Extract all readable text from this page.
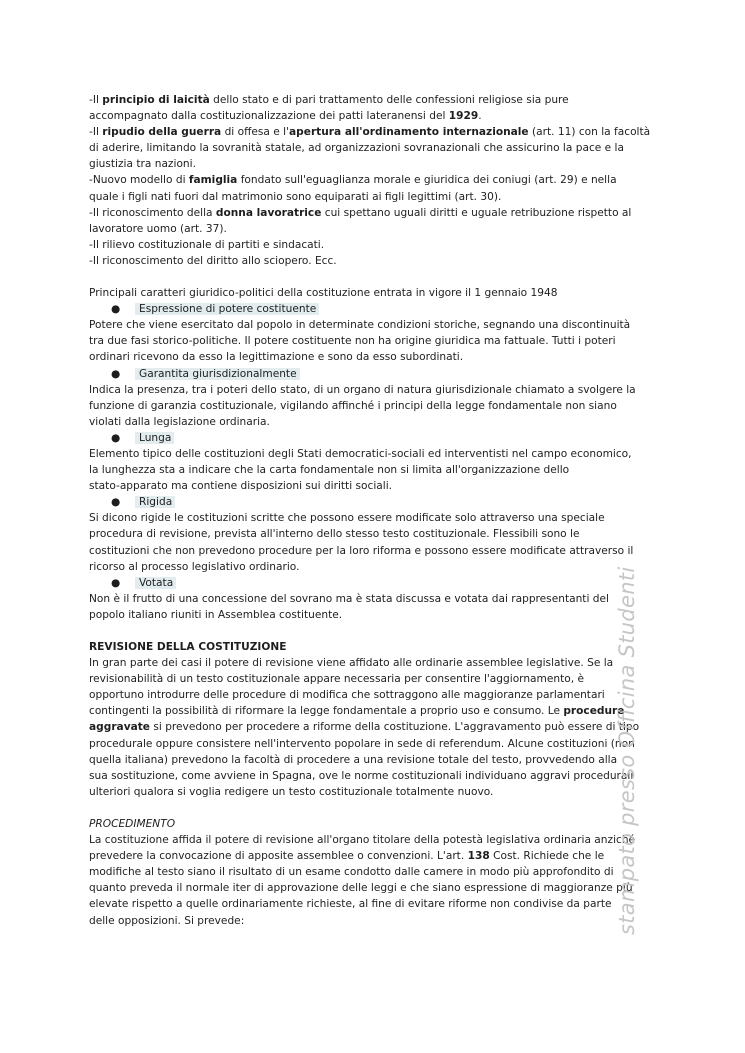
-Il principio di laicità dello stato e di pari trattamento delle confessioni religiose sia pure

accompagnato dalla costituzionalizzazione dei patti lateranensi del 1929.

-Il ripudio della guerra di offesa e l'apertura all'ordinamento internazionale (art. 11) con la facoltà

di aderire, limitando la sovranità statale, ad organizzazioni sovranazionali che assicurino la pace e la

giustizia tra nazioni.

-Nuovo modello di famiglia fondato sull'eguaglianza morale e giuridica dei coniugi (art. 29) e nella

quale i figli nati fuori dal matrimonio sono equiparati ai figli legittimi (art. 30).

-Il riconoscimento della donna lavoratrice cui spettano uguali diritti e uguale retribuzione rispetto al

lavoratore uomo (art. 37).

-Il rilievo costituzionale di partiti e sindacati.

-Il riconoscimento del diritto allo sciopero. Ecc.

Principali caratteri giuridico-politici della costituzione entrata in vigore il 1 gennaio 1948

● Espressione di potere costituente

Potere che viene esercitato dal popolo in determinate condizioni storiche, segnando una discontinuità

tra due fasi storico-politiche. Il potere costituente non ha origine giuridica ma fattuale. Tutti i poteri

ordinari ricevono da esso la legittimazione e sono da esso subordinati.

● Garantita giurisdizionalmente

Indica la presenza, tra i poteri dello stato, di un organo di natura giurisdizionale chiamato a svolgere la

funzione di garanzia costituzionale, vigilando affinché i principi della legge fondamentale non siano

violati dalla legislazione ordinaria.

● Lunga

Elemento tipico delle costituzioni degli Stati democratici-sociali ed interventisti nel campo economico,

la lunghezza sta a indicare che la carta fondamentale non si limita all'organizzazione dello

stato-apparato ma contiene disposizioni sui diritti sociali.

● Rigida

Si dicono rigide le costituzioni scritte che possono essere modificate solo attraverso una speciale

procedura di revisione, prevista all'interno dello stesso testo costituzionale. Flessibili sono le

costituzioni che non prevedono procedure per la loro riforma e possono essere modificate attraverso il

ricorso al processo legislativo ordinario.

● Votata

Non è il frutto di una concessione del sovrano ma è stata discussa e votata dai rappresentanti del

popolo italiano riuniti in Assemblea costituente.

REVISIONE DELLA COSTITUZIONE

In gran parte dei casi il potere di revisione viene affidato alle ordinarie assemblee legislative. Se la

revisionabilità di un testo costituzionale appare necessaria per consentire l'aggiornamento, è

opportuno introdurre delle procedure di modifica che sottraggono alle maggioranze parlamentari

contingenti la possibilità di riformare la legge fondamentale a proprio uso e consumo. Le procedure

aggravate si prevedono per procedere a riforme della costituzione. L'aggravamento può essere di tipo

procedurale oppure consistere nell'intervento popolare in sede di referendum. Alcune costituzioni (non

quella italiana) prevedono la facoltà di procedere a una revisione totale del testo, provvedendo alla

sua sostituzione, come avviene in Spagna, ove le norme costituzionali individuano aggravi procedurali

ulteriori qualora si voglia redigere un testo costituzionale totalmente nuovo.

PROCEDIMENTO

La costituzione affida il potere di revisione all'organo titolare della potestà legislativa ordinaria anziché

prevedere la convocazione di apposite assemblee o convenzioni. L'art. 138 Cost. Richiede che le

modifiche al testo siano il risultato di un esame condotto dalle camere in modo più approfondito di

quanto preveda il normale iter di approvazione delle leggi e che siano espressione di maggioranze più

elevate rispetto a quelle ordinariamente richieste, al fine di evitare riforme non condivise da parte

delle opposizioni. Si prevede:	stampato presso Officina Studenti
